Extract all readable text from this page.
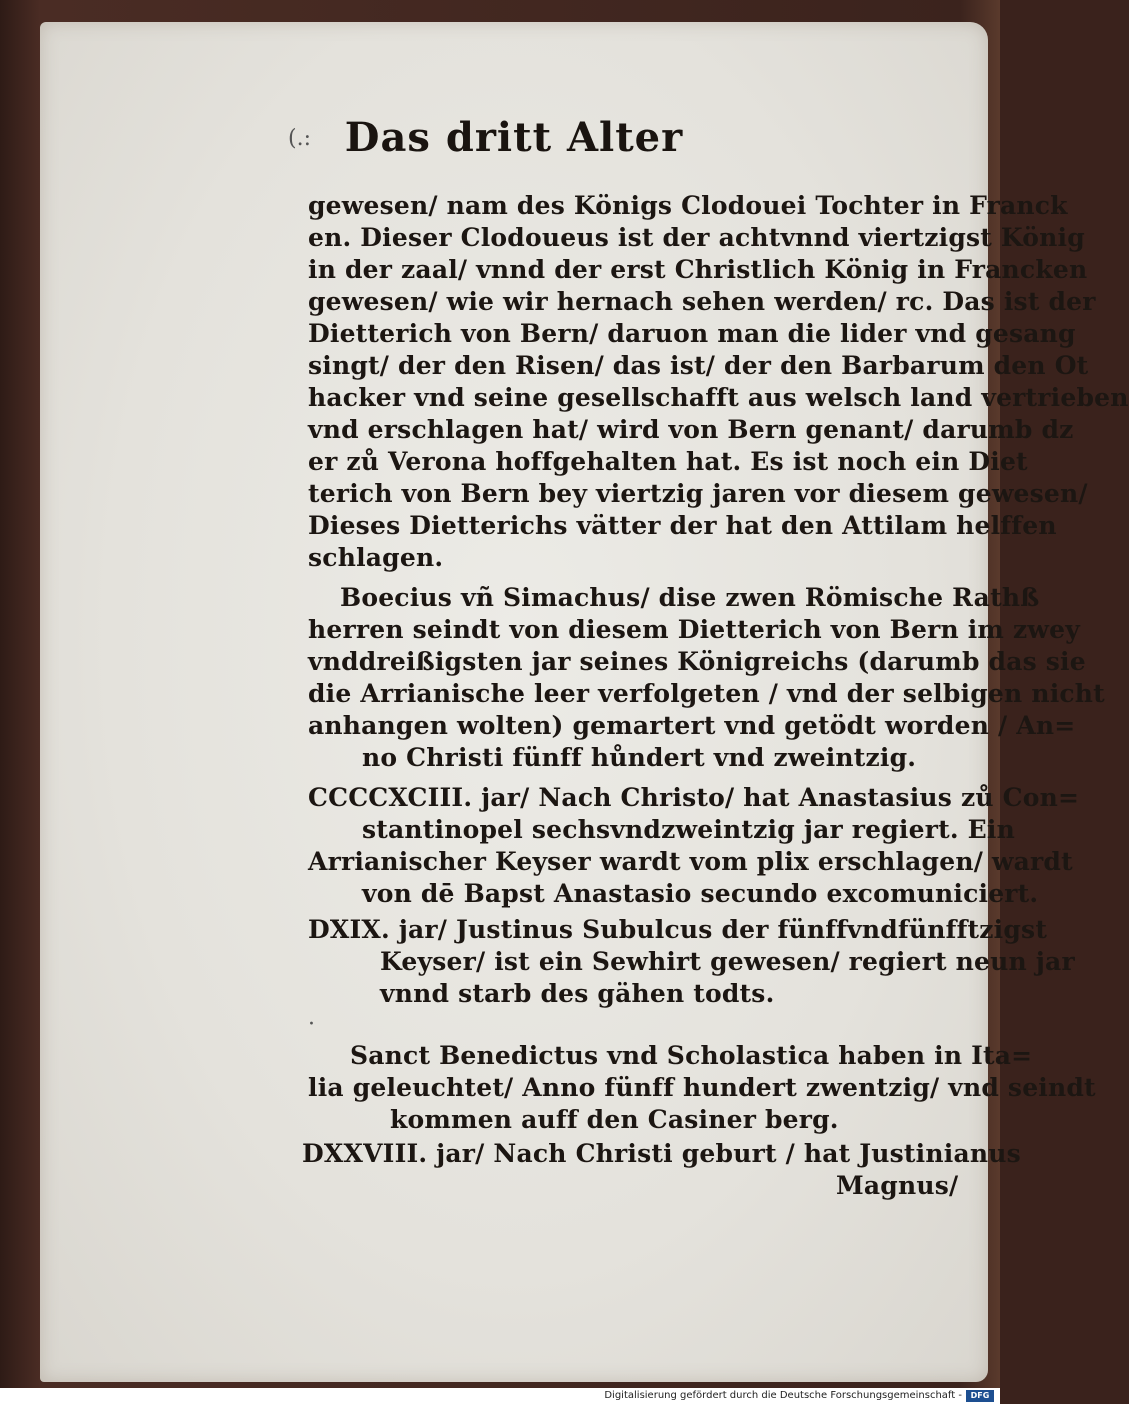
(.: Das dritt Alter
gewesen/ nam des Königs Clodouei Tochter in Franck
en. Dieser Clodoueus ist der achtvnnd viertzigst König
in der zaal/ vnnd der erst Christlich König in Francken
gewesen/ wie wir hernach sehen werden/ rc. Das ist der
Dietterich von Bern/ daruon man die lider vnd gesang
singt/ der den Risen/ das ist/ der den Barbarum den Ot
hacker vnd seine gesellschafft aus welsch land vertrieben
vnd erschlagen hat/ wird von Bern genant/ darumb dz
er zů Verona hoffgehalten hat. Es ist noch ein Diet
terich von Bern bey viertzig jaren vor diesem gewesen/
Dieses Dietterichs vätter der hat den Attilam helffen
schlagen.
Boecius vñ Simachus/ dise zwen Römische Rathß
herren seindt von diesem Dietterich von Bern im zwey
vnddreißigsten jar seines Königreichs (darumb das sie
die Arrianische leer verfolgeten / vnd der selbigen nicht
anhangen wolten) gemartert vnd getödt worden / An=
no Christi fünff hůndert vnd zweintzig.
CCCCXCIII. jar/ Nach Christo/ hat Anastasius zů Con=
stantinopel sechsvndzweintzig jar regiert. Ein
Arrianischer Keyser wardt vom plix erschlagen/ wardt
von dē Bapst Anastasio secundo excomuniciert.
DXIX. jar/ Justinus Subulcus der fünffvndfünfftzigst
Keyser/ ist ein Sewhirt gewesen/ regiert neun jar
vnnd starb des gähen todts.
·
Sanct Benedictus vnd Scholastica haben in Ita=
lia geleuchtet/ Anno fünff hundert zwentzig/ vnd seindt
kommen auff den Casiner berg.
DXXVIII. jar/ Nach Christi geburt / hat Justinianus
Magnus/
Digitalisierung gefördert durch die Deutsche Forschungsgemeinschaft -	DFG
